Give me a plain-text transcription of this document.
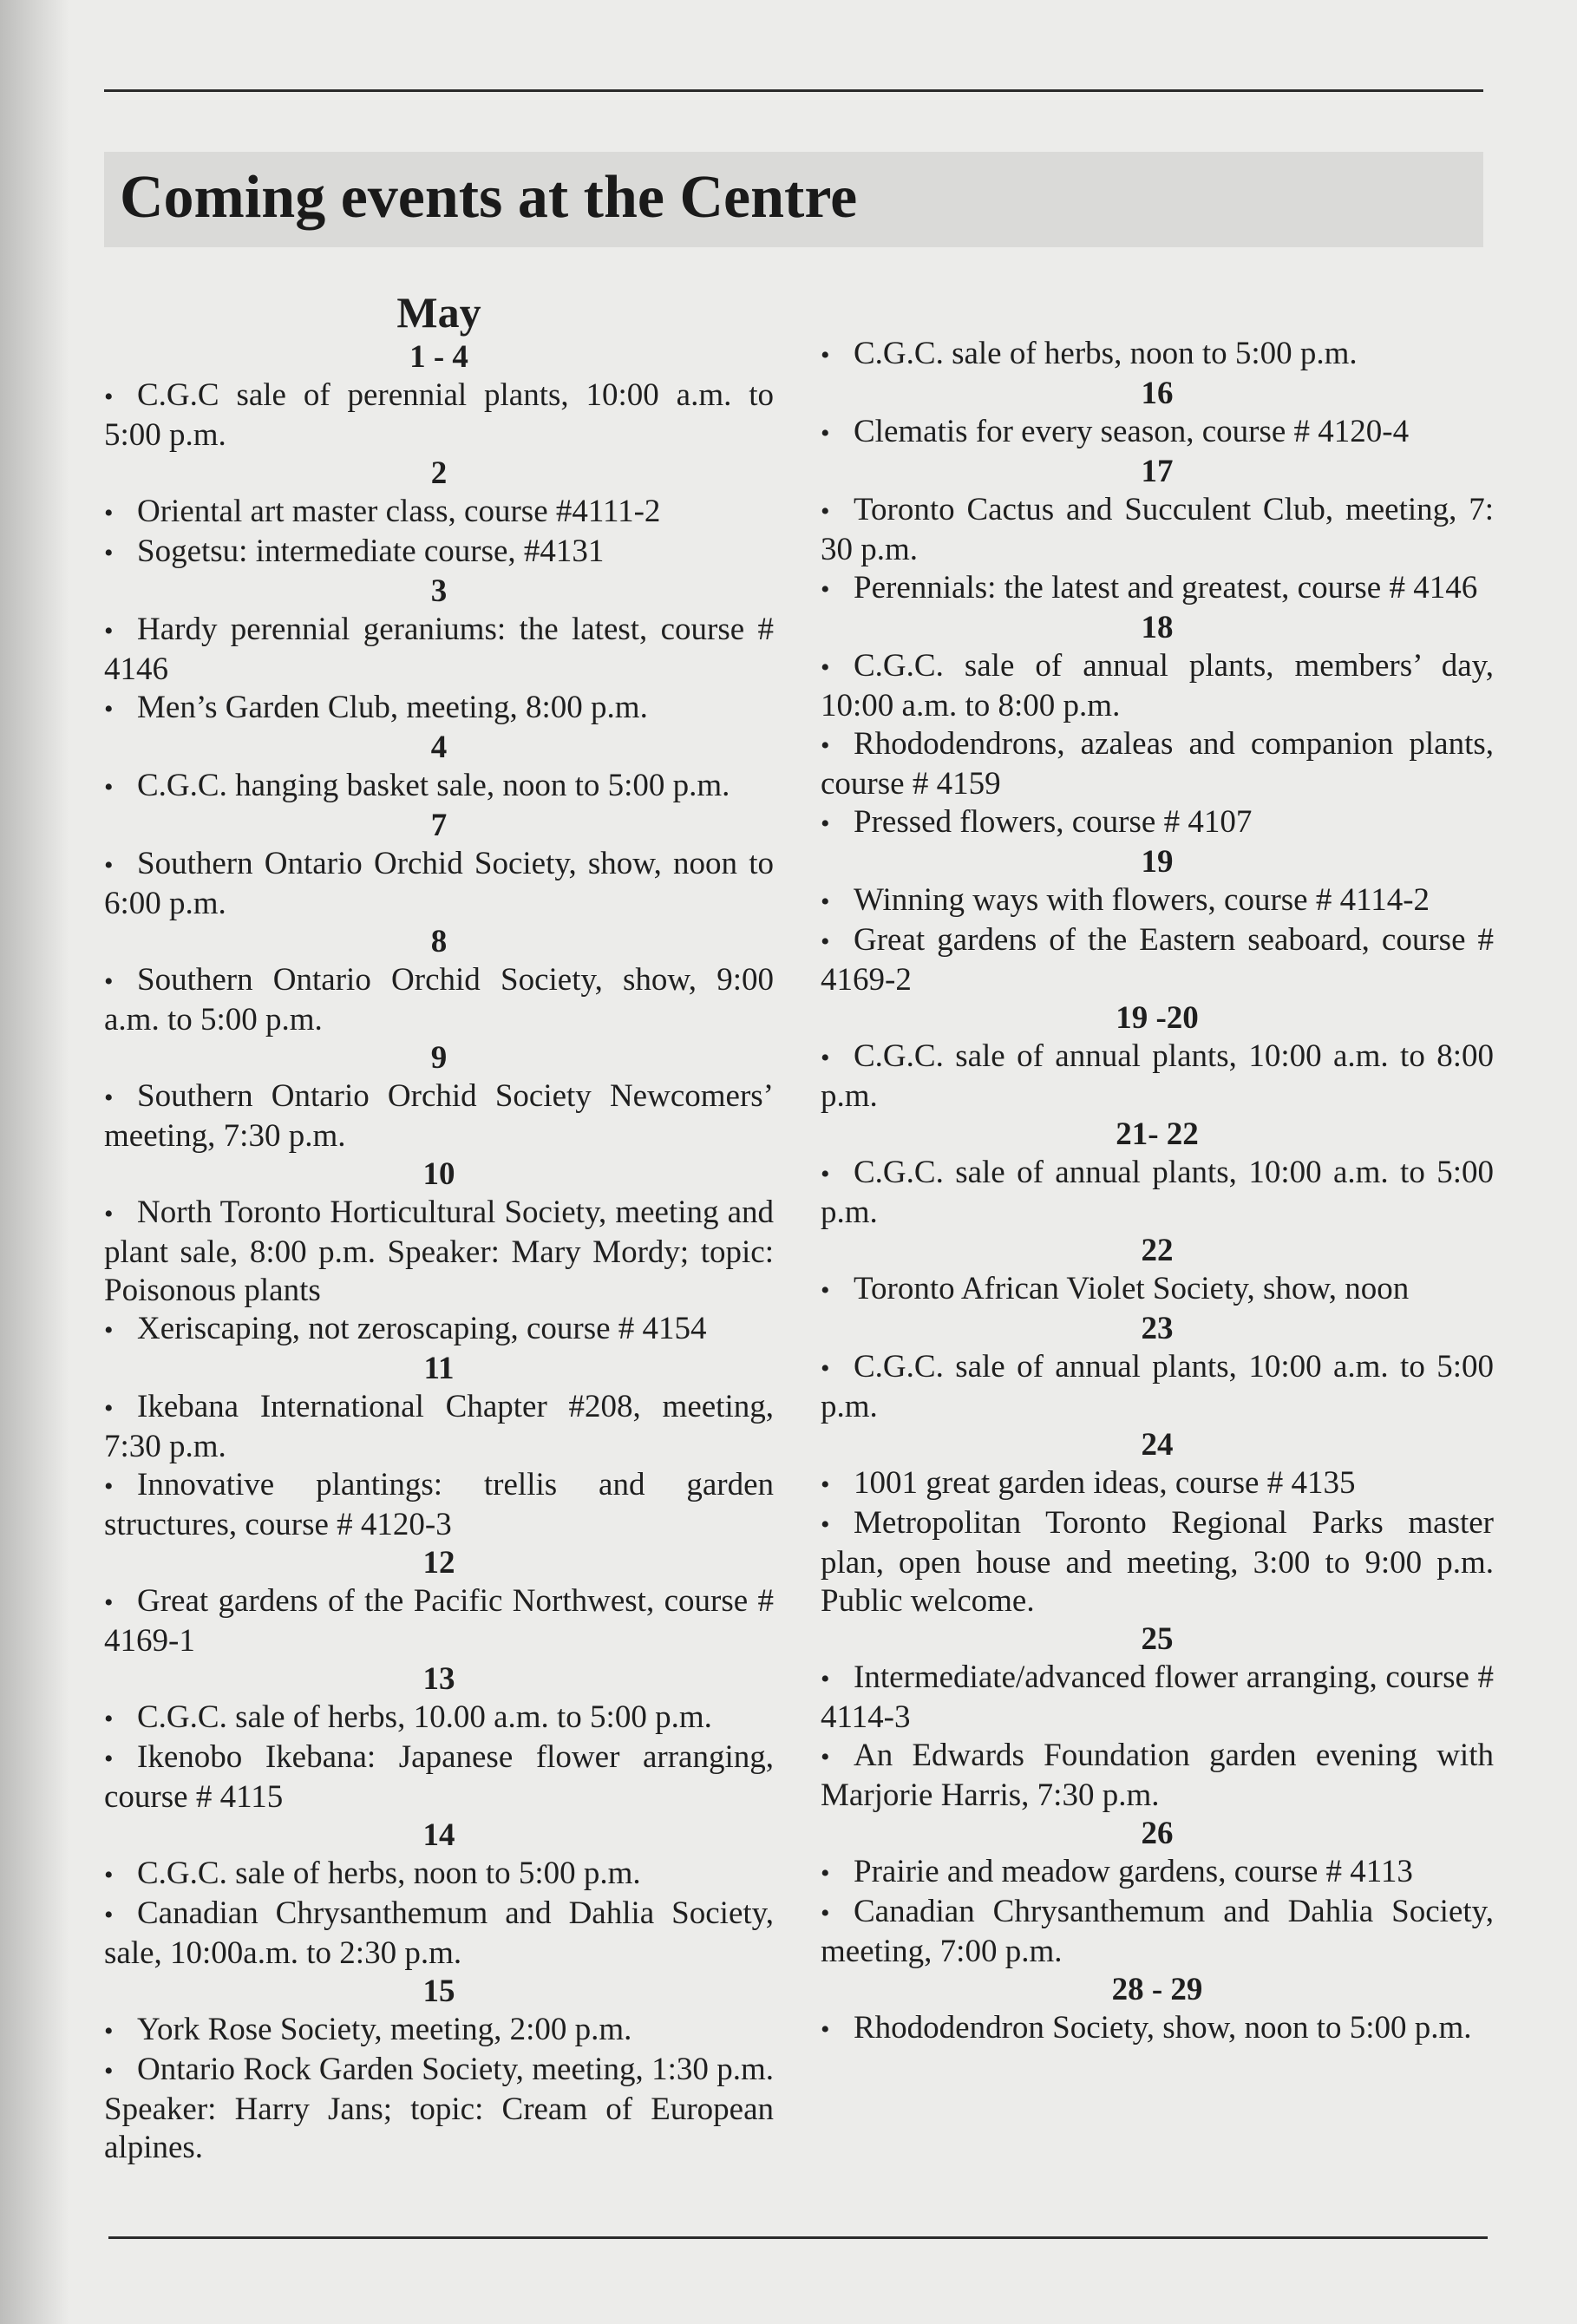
Coming events at the Centre
May
1 - 4
• C.G.C sale of perennial plants, 10:00 a.m. to 5:00 p.m.
2
• Oriental art master class, course #4111-2
• Sogetsu: intermediate course, #4131
3
• Hardy perennial geraniums: the latest, course # 4146
• Men’s Garden Club, meeting, 8:00 p.m.
4
• C.G.C. hanging basket sale, noon to 5:00 p.m.
7
• Southern Ontario Orchid Society, show, noon to 6:00 p.m.
8
• Southern Ontario Orchid Society, show, 9:00 a.m. to 5:00 p.m.
9
• Southern Ontario Orchid Society Newcomers’ meeting, 7:30 p.m.
10
• North Toronto Horticultural Society, meeting and plant sale, 8:00 p.m. Speaker: Mary Mordy; topic: Poisonous plants
• Xeriscaping, not zeroscaping, course # 4154
11
• Ikebana International Chapter #208, meeting, 7:30 p.m.
• Innovative plantings: trellis and garden structures, course # 4120-3
12
• Great gardens of the Pacific Northwest, course # 4169-1
13
• C.G.C. sale of herbs, 10.00 a.m. to 5:00 p.m.
• Ikenobo Ikebana: Japanese flower arranging, course # 4115
14
• C.G.C. sale of herbs, noon to 5:00 p.m.
• Canadian Chrysanthemum and Dahlia Society, sale, 10:00a.m. to 2:30 p.m.
15
• York Rose Society, meeting, 2:00 p.m.
• Ontario Rock Garden Society, meeting, 1:30 p.m. Speaker: Harry Jans; topic: Cream of European alpines.
• C.G.C. sale of herbs, noon to 5:00 p.m.
16
• Clematis for every season, course # 4120-4
17
• Toronto Cactus and Succulent Club, meeting, 7: 30 p.m.
• Perennials: the latest and greatest, course # 4146
18
• C.G.C. sale of annual plants, members’ day, 10:00 a.m. to 8:00 p.m.
• Rhododendrons, azaleas and companion plants, course # 4159
• Pressed flowers, course # 4107
19
• Winning ways with flowers, course # 4114-2
• Great gardens of the Eastern seaboard, course # 4169-2
19 -20
• C.G.C. sale of annual plants, 10:00 a.m. to 8:00 p.m.
21- 22
• C.G.C. sale of annual plants, 10:00 a.m. to 5:00 p.m.
22
• Toronto African Violet Society, show, noon
23
• C.G.C. sale of annual plants, 10:00 a.m. to 5:00 p.m.
24
• 1001 great garden ideas, course # 4135
• Metropolitan Toronto Regional Parks master plan, open house and meeting, 3:00 to 9:00 p.m. Public welcome.
25
• Intermediate/advanced flower arranging, course # 4114-3
• An Edwards Foundation garden evening with Marjorie Harris, 7:30 p.m.
26
• Prairie and meadow gardens, course # 4113
• Canadian Chrysanthemum and Dahlia Society, meeting, 7:00 p.m.
28 - 29
• Rhododendron Society, show, noon to 5:00 p.m.
